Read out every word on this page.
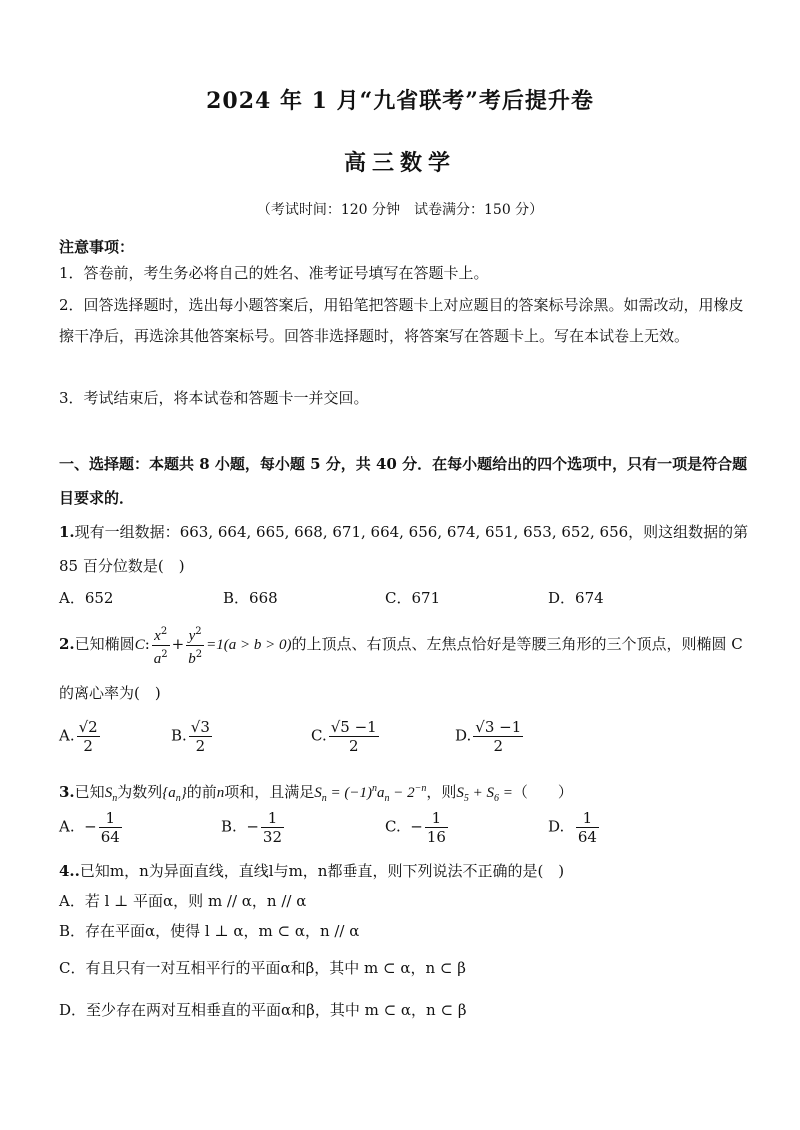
2024 年 1 月“九省联考”考后提升卷
高三数学
（考试时间：120 分钟　试卷满分：150 分）
注意事项：
1．答卷前，考生务必将自己的姓名、准考证号填写在答题卡上。
2．回答选择题时，选出每小题答案后，用铅笔把答题卡上对应题目的答案标号涂黑。如需改动，用橡皮擦干净后，再选涂其他答案标号。回答非选择题时，将答案写在答题卡上。写在本试卷上无效。
3．考试结束后，将本试卷和答题卡一并交回。
一、选择题：本题共 8 小题，每小题 5 分，共 40 分．在每小题给出的四个选项中，只有一项是符合题目要求的．
1.现有一组数据：663, 664, 665, 668, 671, 664, 656, 674, 651, 653, 652, 656，则这组数据的第 85 百分位数是(　)
A．652	B．668	C．671	D．674
2.已知椭圆C: $\frac{x^2}{a^2} + \frac{y^2}{b^2} =1(a > b > 0)$的上顶点、右顶点、左焦点恰好是等腰三角形的三个顶点，则椭圆 C 的离心率为(　)
A. $\frac{√2}{2}$	B. $\frac{√3}{2}$	C. $\frac{√5 -1}{2}$	D. $\frac{√3 -1}{2}$
3.已知$S_n$为数列$\{a_n\}$的前n项和，且满足$S_n = (-1)^na_n - 2^{-n}$，则$S_5 + S_6$ =（　　）
A. − $\frac{1}{64}$	B. − $\frac{1}{32}$	C. − $\frac{1}{16}$	D. $\frac{1}{64}$
4..已知m，n为异面直线，直线l与m，n都垂直，则下列说法不正确的是(　)
A．若 l ⊥ 平面α，则 m // α，n // α
B．存在平面α，使得 l ⊥ α，m ⊂ α，n // α
C．有且只有一对互相平行的平面α和β，其中 m ⊂ α，n ⊂ β
D．至少存在两对互相垂直的平面α和β，其中 m ⊂ α，n ⊂ β
